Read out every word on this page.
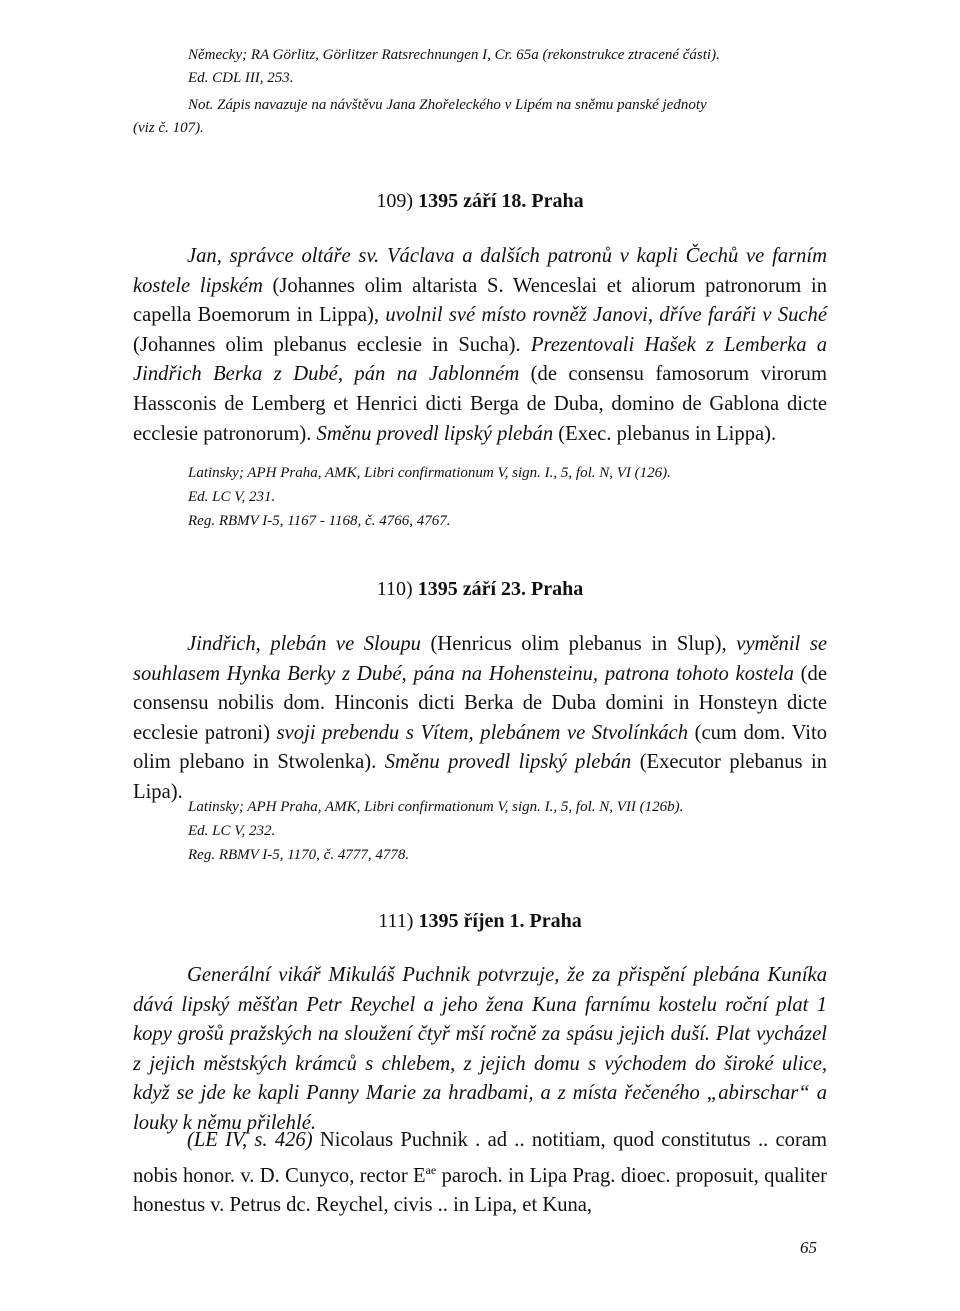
Německy; RA Görlitz, Görlitzer Ratsrechnungen I, Cr. 65a (rekonstrukce ztracené části).
Ed. CDL III, 253.
Not. Zápis navazuje na návštěvu Jana Zhořeleckého v Lipém na sněmu panské jednoty
(viz č. 107).
109) 1395 září 18. Praha
Jan, správce oltáře sv. Václava a dalších patronů v kapli Čechů ve farním kostele lipském (Johannes olim altarista S. Wenceslai et aliorum patronorum in capella Boemorum in Lippa), uvolnil své místo rovněž Janovi, dříve faráři v Suché (Johannes olim plebanus ecclesie in Sucha). Prezentovali Hašek z Lemberka a Jindřich Berka z Dubé, pán na Jablonném (de consensu famosorum virorum Hassconis de Lemberg et Henrici dicti Berga de Duba, domino de Gablona dicte ecclesie patronorum). Směnu provedl lipský plebán (Exec. plebanus in Lippa).
Latinsky; APH Praha, AMK, Libri confirmationum V, sign. I., 5, fol. N, VI (126).
Ed. LC V, 231.
Reg. RBMV I-5, 1167 - 1168, č. 4766, 4767.
110) 1395 září 23. Praha
Jindřich, plebán ve Sloupu (Henricus olim plebanus in Slup), vyměnil se souhlasem Hynka Berky z Dubé, pána na Hohensteinu, patrona tohoto kostela (de consensu nobilis dom. Hinconis dicti Berka de Duba domini in Honsteyn dicte ecclesie patroni) svoji prebendu s Vítem, plebánem ve Stvolínkách (cum dom. Vito olim plebano in Stwolenka). Směnu provedl lipský plebán (Executor plebanus in Lipa).
Latinsky; APH Praha, AMK, Libri confirmationum V, sign. I., 5, fol. N, VII (126b).
Ed. LC V, 232.
Reg. RBMV I-5, 1170, č. 4777, 4778.
111) 1395 říjen 1. Praha
Generální vikář Mikuláš Puchnik potvrzuje, že za přispění plebána Kuníka dává lipský měšťan Petr Reychel a jeho žena Kuna farnímu kostelu roční plat 1 kopy grošů pražských na sloužení čtyř mší ročně za spásu jejich duší. Plat vycházel z jejich městských krámců s chlebem, z jejich domu s východem do široké ulice, když se jde ke kapli Panny Marie za hradbami, a z místa řečeného „abirschar“ a louky k němu přilehlé.
(LE IV, s. 426) Nicolaus Puchnik . ad .. notitiam, quod constitutus .. coram nobis honor. v. D. Cunyco, rector $E^{ae}$ paroch. in Lipa Prag. dioec. proposuit, qualiter honestus v. Petrus dc. Reychel, civis .. in Lipa, et Kuna,
65
